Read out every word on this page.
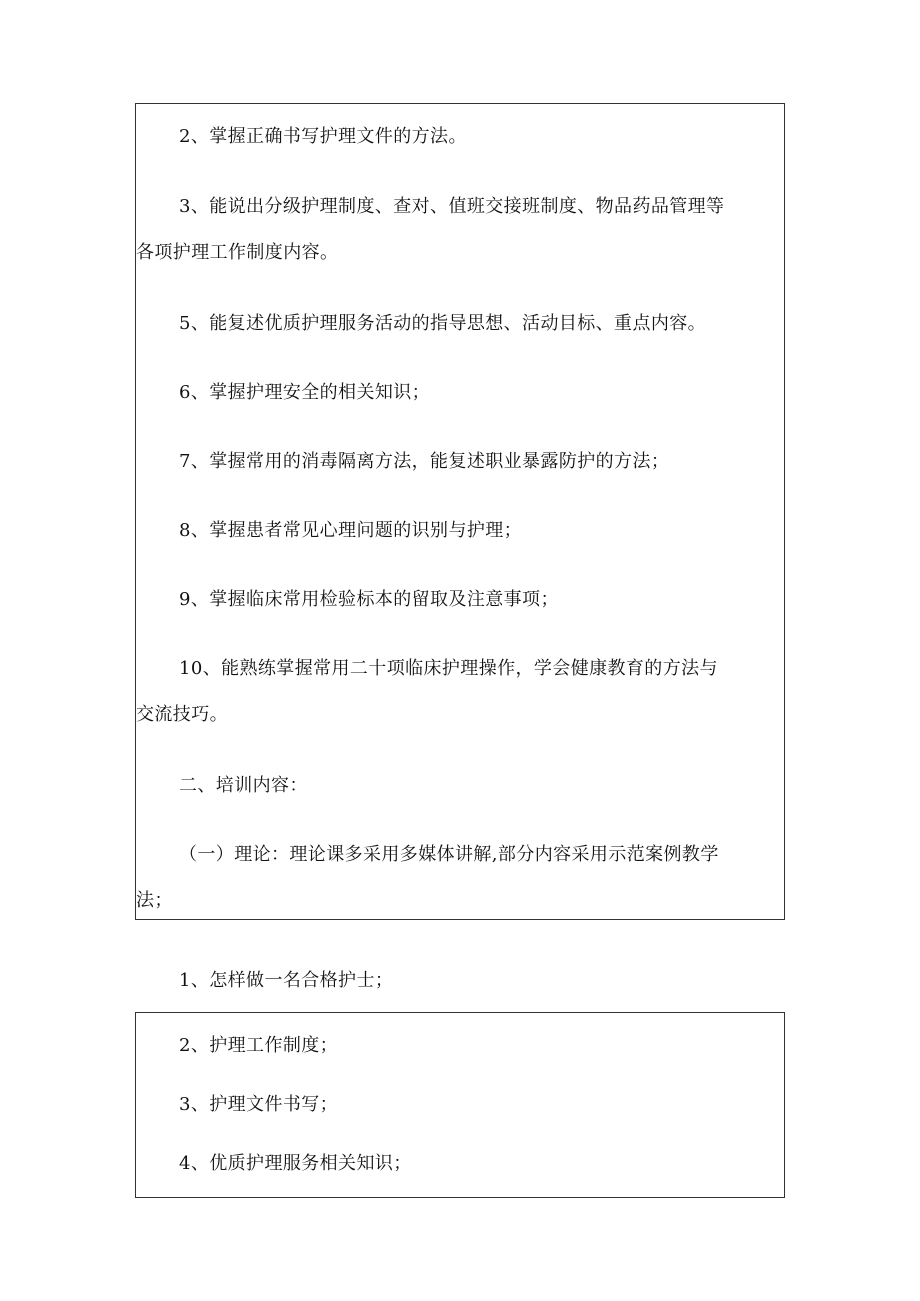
2、掌握正确书写护理文件的方法。
3、能说出分级护理制度、查对、值班交接班制度、物品药品管理等
各项护理工作制度内容。
5、能复述优质护理服务活动的指导思想、活动目标、重点内容。
6、掌握护理安全的相关知识；
7、掌握常用的消毒隔离方法，能复述职业暴露防护的方法；
8、掌握患者常见心理问题的识别与护理；
9、掌握临床常用检验标本的留取及注意事项；
10、能熟练掌握常用二十项临床护理操作，学会健康教育的方法与
交流技巧。
二、培训内容：
（一）理论：理论课多采用多媒体讲解,部分内容采用示范案例教学
法；
1、怎样做一名合格护士；
2、护理工作制度；
3、护理文件书写；
4、优质护理服务相关知识；
